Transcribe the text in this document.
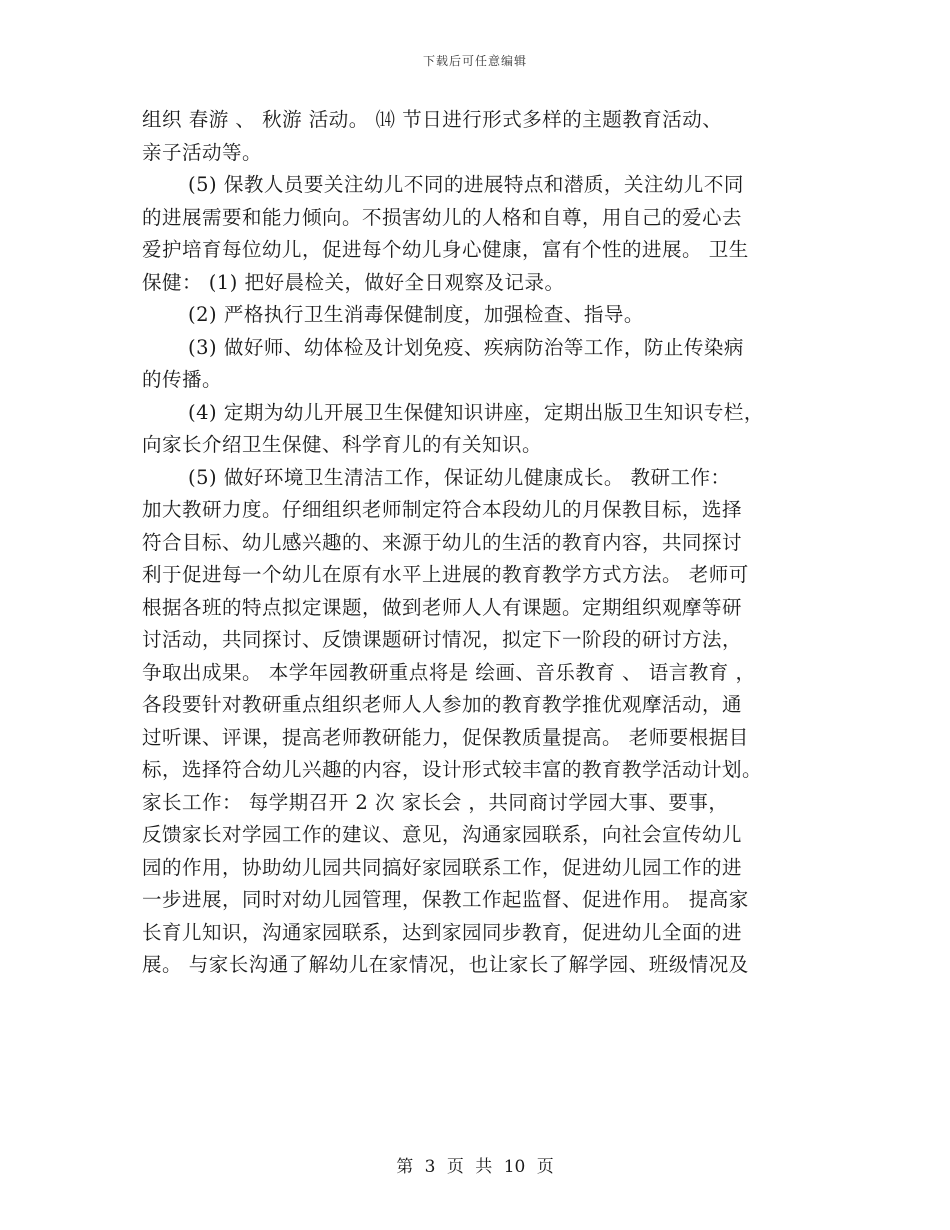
下载后可任意编辑
组织 春游 、 秋游 活动。 ⒁ 节日进行形式多样的主题教育活动、
亲子活动等。
(5) 保教人员要关注幼儿不同的进展特点和潜质，关注幼儿不同
的进展需要和能力倾向。不损害幼儿的人格和自尊，用自己的爱心去
爱护培育每位幼儿，促进每个幼儿身心健康，富有个性的进展。 卫生
保健： (1) 把好晨检关，做好全日观察及记录。
(2) 严格执行卫生消毒保健制度，加强检查、指导。
(3) 做好师、幼体检及计划免疫、疾病防治等工作，防止传染病
的传播。
(4) 定期为幼儿开展卫生保健知识讲座，定期出版卫生知识专栏，
向家长介绍卫生保健、科学育儿的有关知识。
(5) 做好环境卫生清洁工作，保证幼儿健康成长。 教研工作：
加大教研力度。仔细组织老师制定符合本段幼儿的月保教目标，选择
符合目标、幼儿感兴趣的、来源于幼儿的生活的教育内容，共同探讨
利于促进每一个幼儿在原有水平上进展的教育教学方式方法。 老师可
根据各班的特点拟定课题，做到老师人人有课题。定期组织观摩等研
讨活动，共同探讨、反馈课题研讨情况，拟定下一阶段的研讨方法，
争取出成果。 本学年园教研重点将是 绘画、音乐教育 、 语言教育 ，
各段要针对教研重点组织老师人人参加的教育教学推优观摩活动，通
过听课、评课，提高老师教研能力，促保教质量提高。 老师要根据目
标，选择符合幼儿兴趣的内容，设计形式较丰富的教育教学活动计划。
家长工作： 每学期召开 2 次 家长会 ，共同商讨学园大事、要事，
反馈家长对学园工作的建议、意见，沟通家园联系，向社会宣传幼儿
园的作用，协助幼儿园共同搞好家园联系工作，促进幼儿园工作的进
一步进展，同时对幼儿园管理，保教工作起监督、促进作用。 提高家
长育儿知识，沟通家园联系，达到家园同步教育，促进幼儿全面的进
展。 与家长沟通了解幼儿在家情况，也让家长了解学园、班级情况及
第 3 页 共 10 页
